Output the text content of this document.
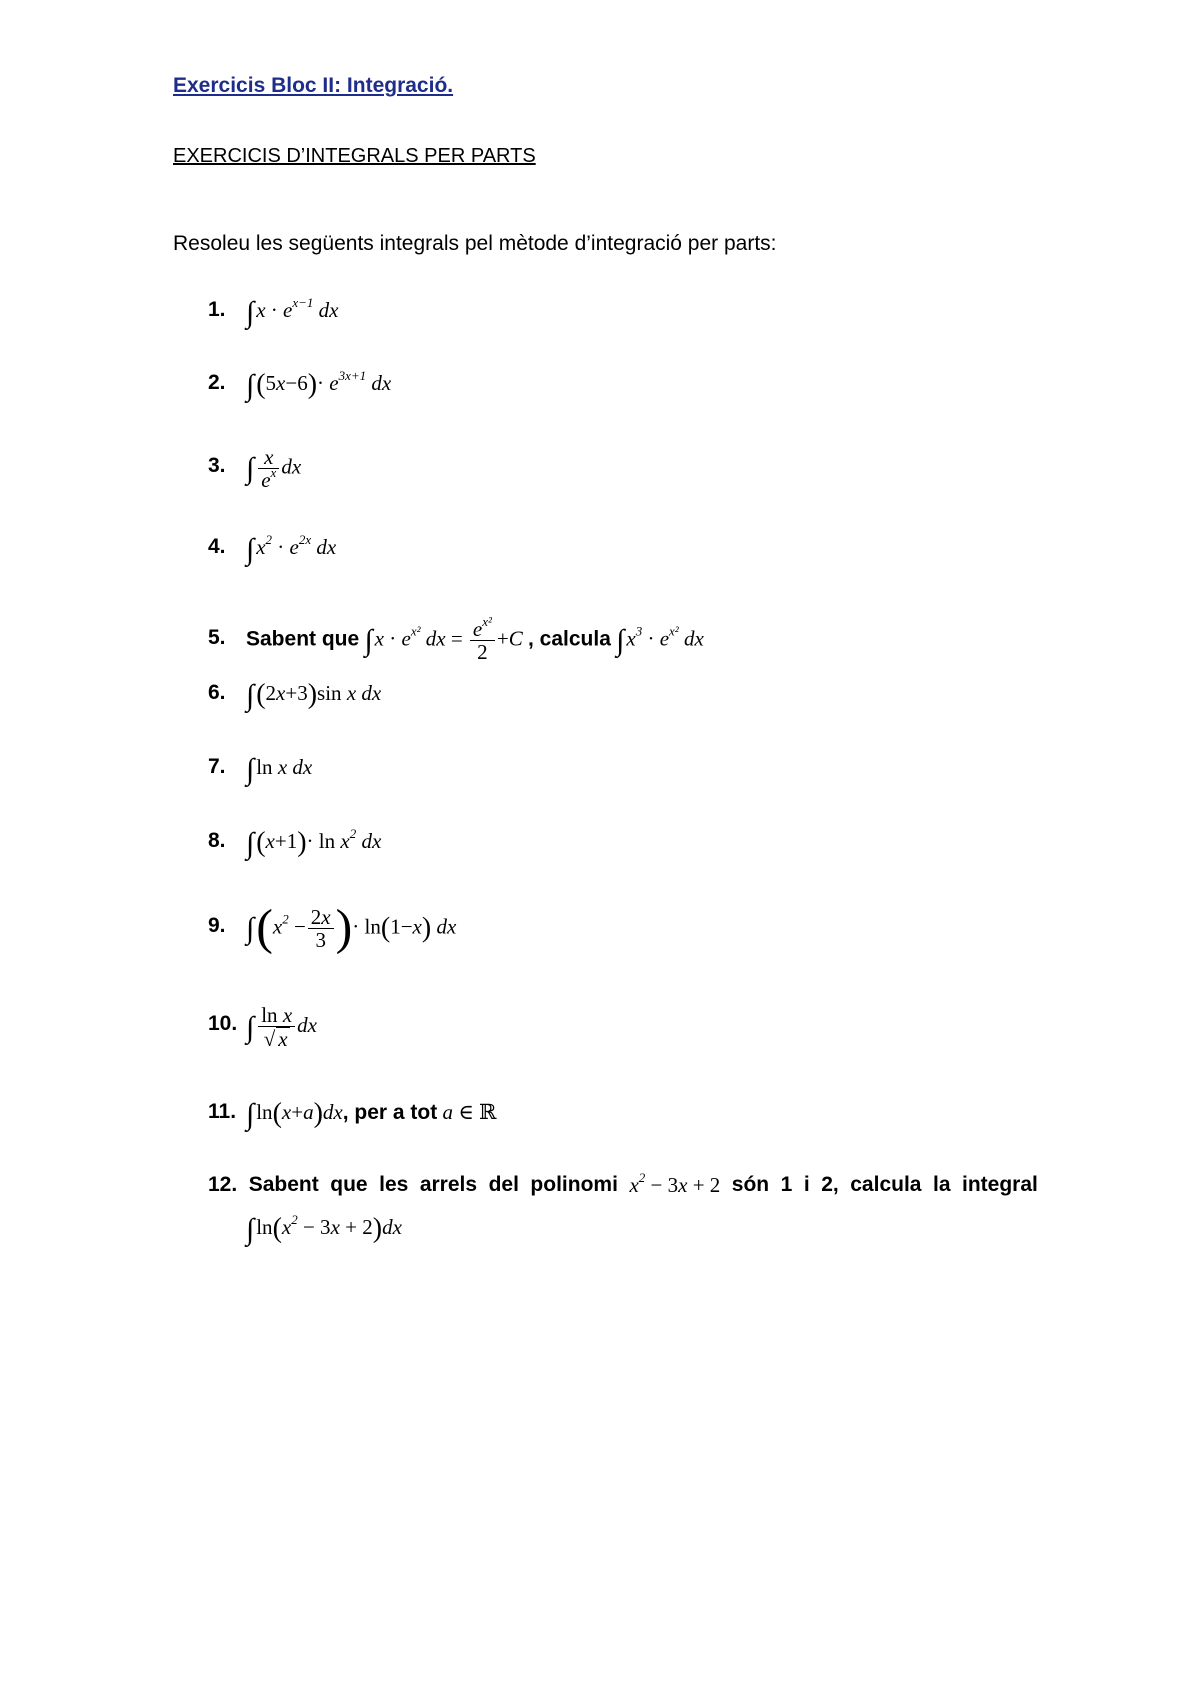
Exercicis Bloc II: Integració.
EXERCICIS D’INTEGRALS PER PARTS
Resoleu les següents integrals pel mètode d’integració per parts:
1. $\int x \cdot e^{x-1}$ dx
2. $\int(5x-6)\cdot e^{3x+1}$ dx
3. ∫ $\frac{x}{e^x}$ dx
4. $\int x^2 \cdot e^{2x}$ dx
5. Sabent que $\int x \cdot e^{x^2}$ dx = $\frac{e^{x^2}}{2} +C$ , calcula $\int x^3 \cdot e^{x^2}$ dx
6. ∫(2x+3)sin x dx
7. ∫ln x dx
8. $\int(x+1)\cdot \ln x^2$ dx
9. $\int(x^2 - \frac{2x}{3}$ )· ln(1−x) dx
10. ∫ $\frac{\text{ln x}}{√ x}$ dx
11. ∫ln(x+a)dx, per a tot a ∈ ℝ
12. Sabent que les arrels del polinomi $x^2 - 3x + 2$ són 1 i 2, calcula la integral
$\int\ln(x^2 - 3x + 2)dx$
